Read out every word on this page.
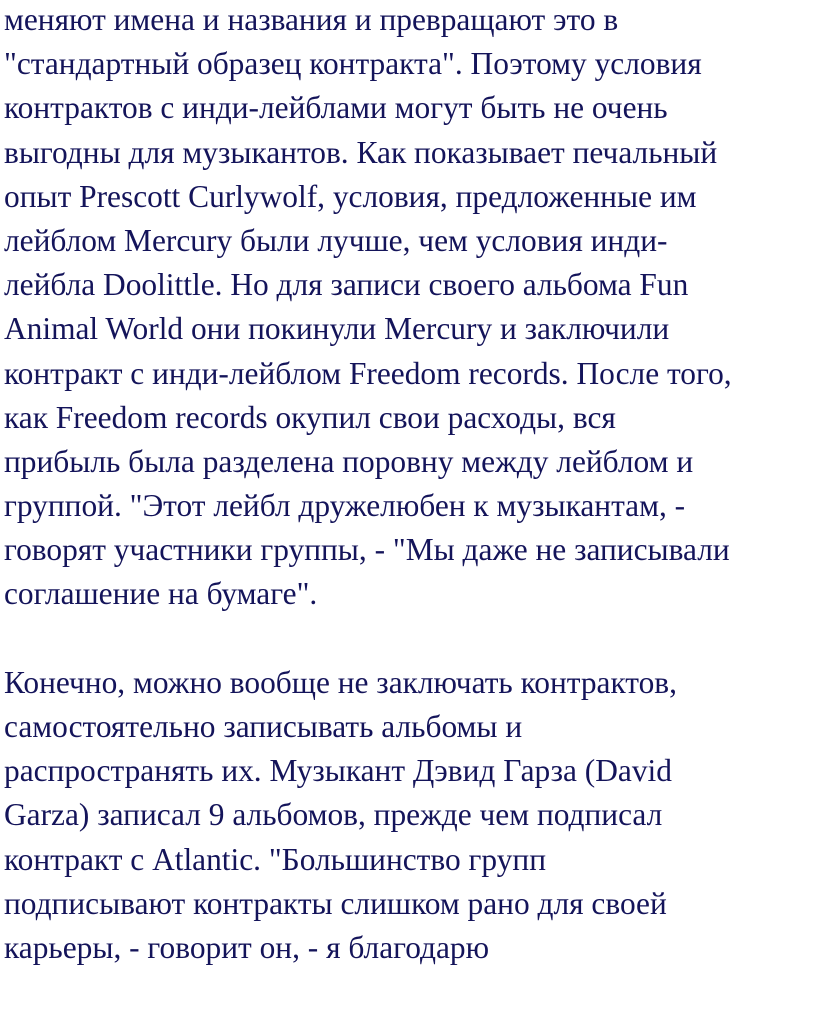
меняют имена и названия и превращают это в
"стандартный образец контракта". Поэтому условия
контрактов с инди-лейблами могут быть не очень
выгодны для музыкантов. Как показывает печальный
опыт Prescott Curlywolf, условия, предложенные им
лейблом Mercury были лучше, чем условия инди-
лейбла Doolittle. Но для записи своего альбома Fun
Animal World они покинули Mercury и заключили
контракт с инди-лейблом Freedom records. После того,
как Freedom records окупил свои расходы, вся
прибыль была разделена поровну между лейблом и
группой. "Этот лейбл дружелюбен к музыкантам, -
говорят участники группы, - "Мы даже не записывали
соглашение на бумаге".
Конечно, можно вообще не заключать контрактов,
самостоятельно записывать альбомы и
распространять их. Музыкант Дэвид Гарза (David
Garza) записал 9 альбомов, прежде чем подписал
контракт с Atlantic. "Большинство групп
подписывают контракты слишком рано для своей
карьеры, - говорит он, - я благодарю
